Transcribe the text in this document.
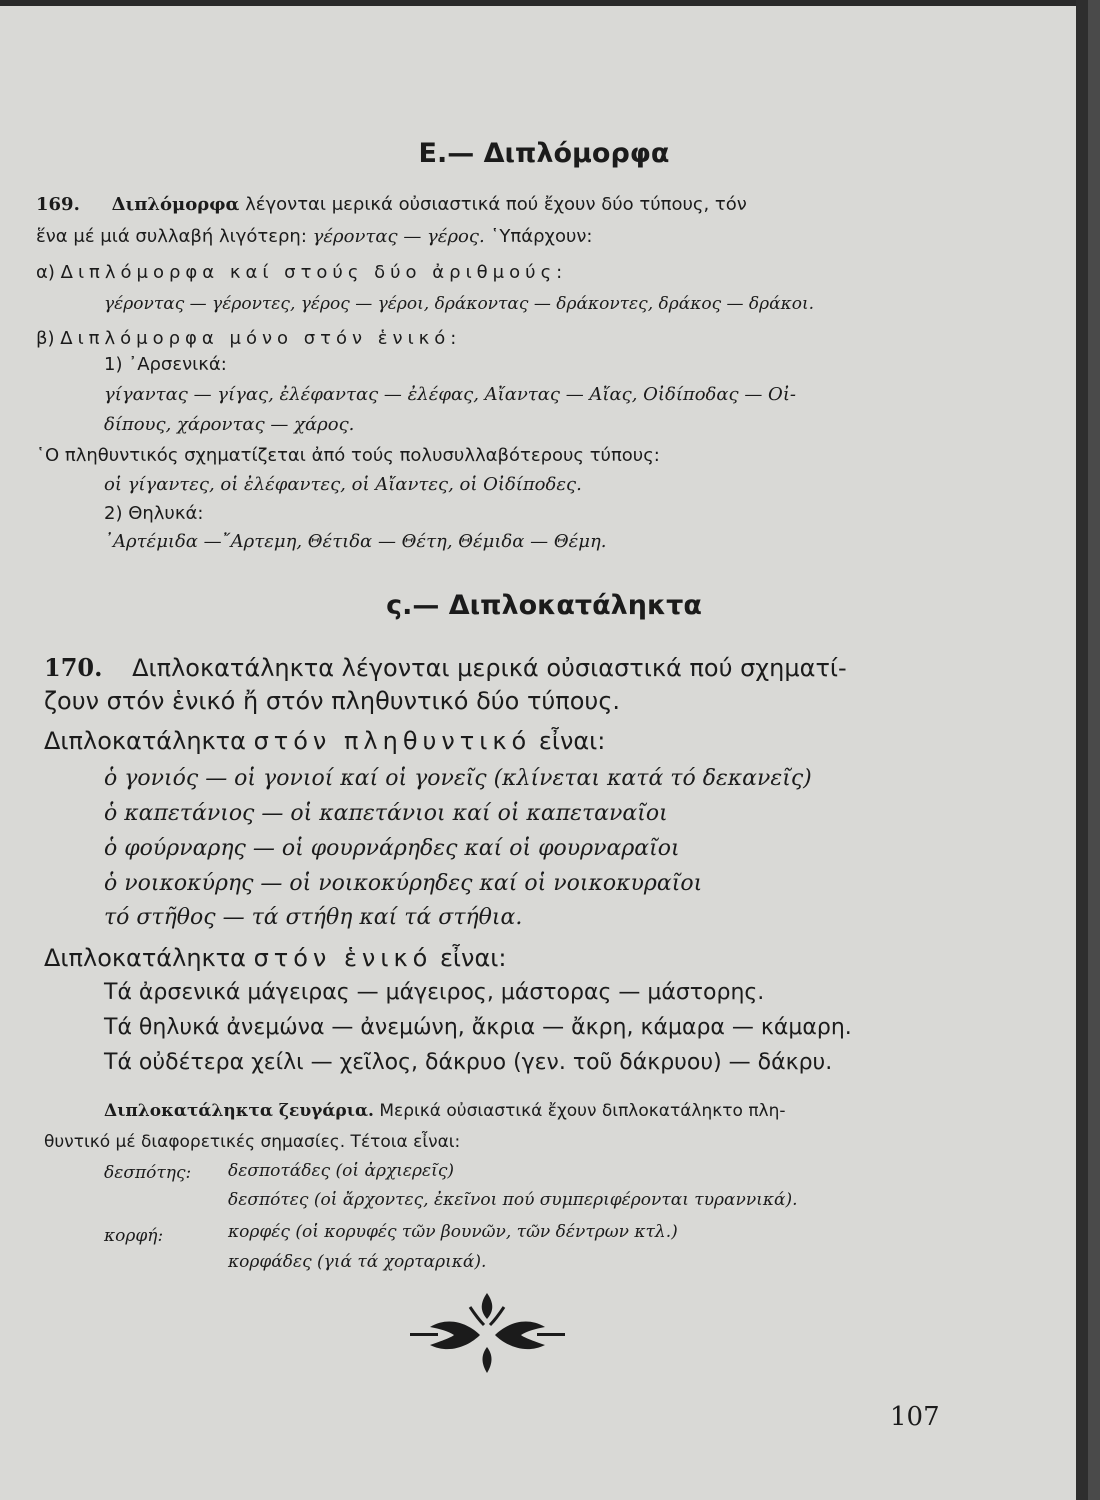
Ε.— Διπλόμορφα
169. Διπλόμορφα λέγονται μερικά οὐσιαστικά πού ἔχουν δύο τύπους, τόν
ἕνα μέ μιά συλλαβή λιγότερη: γέροντας — γέρος. ῾Υπάρχουν:
α) Διπλόμορφα καί στούς δύο ἀριθμούς:
γέροντας — γέροντες, γέρος — γέροι, δράκοντας — δράκοντες, δράκος — δράκοι.
β) Διπλόμορφα μόνο στόν ἑνικό:
1) ᾽Αρσενικά:
γίγαντας — γίγας, ἐλέφαντας — ἐλέφας, Αἴαντας — Αἴας, Οἰδίποδας — Οἰ-
δίπους, χάροντας — χάρος.
῾Ο πληθυντικός σχηματίζεται ἀπό τούς πολυσυλλαβότερους τύπους:
οἱ γίγαντες, οἱ ἐλέφαντες, οἱ Αἴαντες, οἱ Οἰδίποδες.
2) Θηλυκά:
᾽Αρτέμιδα —῎Αρτεμη, Θέτιδα — Θέτη, Θέμιδα — Θέμη.
ς.— Διπλοκατάληκτα
170. Διπλοκατάληκτα λέγονται μερικά οὐσιαστικά πού σχηματί-
ζουν στόν ἑνικό ἤ στόν πληθυντικό δύο τύπους.
Διπλοκατάληκτα στόν πληθυντικό εἶναι:
ὁ γονιός — οἱ γονιοί καί οἱ γονεῖς (κλίνεται κατά τό δεκανεῖς)
ὁ καπετάνιος — οἱ καπετάνιοι καί οἱ καπεταναῖοι
ὁ φούρναρης — οἱ φουρνάρηδες καί οἱ φουρναραῖοι
ὁ νοικοκύρης — οἱ νοικοκύρηδες καί οἱ νοικοκυραῖοι
τό στῆθος — τά στήθη καί τά στήθια.
Διπλοκατάληκτα στόν ἑνικό εἶναι:
Τά ἀρσενικά μάγειρας — μάγειρος, μάστορας — μάστορης.
Τά θηλυκά ἀνεμώνα — ἀνεμώνη, ἄκρια — ἄκρη, κάμαρα — κάμαρη.
Τά οὐδέτερα χείλι — χεῖλος, δάκρυο (γεν. τοῦ δάκρυου) — δάκρυ.
Διπλοκατάληκτα ζευγάρια. Μερικά οὐσιαστικά ἔχουν διπλοκατάληκτο πλη-
θυντικό μέ διαφορετικές σημασίες. Τέτοια εἶναι:
δεσπότης: δεσποτάδες (οἱ ἀρχιερεῖς)
δεσπότες (οἱ ἄρχοντες, ἐκεῖνοι πού συμπεριφέρονται τυραννικά).
κορφή:	κορφές (οἱ κορυφές τῶν βουνῶν, τῶν δέντρων κτλ.)
κορφάδες (γιά τά χορταρικά).
107
